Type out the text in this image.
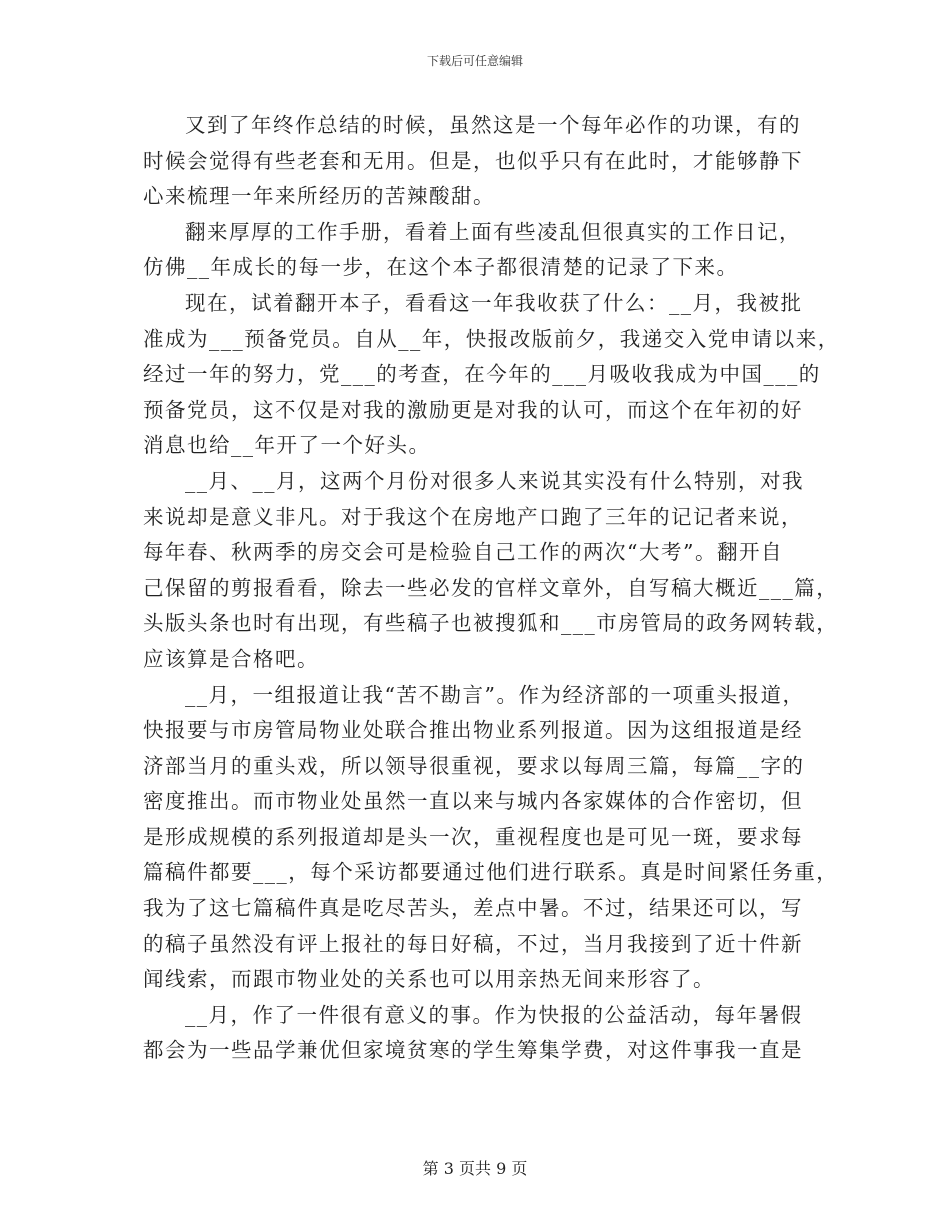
下载后可任意编辑
又到了年终作总结的时候，虽然这是一个每年必作的功课，有的
时候会觉得有些老套和无用。但是，也似乎只有在此时，才能够静下
心来梳理一年来所经历的苦辣酸甜。
翻来厚厚的工作手册，看着上面有些凌乱但很真实的工作日记，
仿佛__年成长的每一步，在这个本子都很清楚的记录了下来。
现在，试着翻开本子，看看这一年我收获了什么：__月，我被批
准成为___预备党员。自从__年，快报改版前夕，我递交入党申请以来，
经过一年的努力，党___的考查，在今年的___月吸收我成为中国___的
预备党员，这不仅是对我的激励更是对我的认可，而这个在年初的好
消息也给__年开了一个好头。
__月、__月，这两个月份对很多人来说其实没有什么特别，对我
来说却是意义非凡。对于我这个在房地产口跑了三年的记记者来说，
每年春、秋两季的房交会可是检验自己工作的两次“大考”。翻开自
己保留的剪报看看，除去一些必发的官样文章外，自写稿大概近___篇，
头版头条也时有出现，有些稿子也被搜狐和___市房管局的政务网转载，
应该算是合格吧。
__月，一组报道让我“苦不勘言”。作为经济部的一项重头报道，
快报要与市房管局物业处联合推出物业系列报道。因为这组报道是经
济部当月的重头戏，所以领导很重视，要求以每周三篇，每篇__字的
密度推出。而市物业处虽然一直以来与城内各家媒体的合作密切，但
是形成规模的系列报道却是头一次，重视程度也是可见一斑，要求每
篇稿件都要___，每个采访都要通过他们进行联系。真是时间紧任务重，
我为了这七篇稿件真是吃尽苦头，差点中暑。不过，结果还可以，写
的稿子虽然没有评上报社的每日好稿，不过，当月我接到了近十件新
闻线索，而跟市物业处的关系也可以用亲热无间来形容了。
__月，作了一件很有意义的事。作为快报的公益活动，每年暑假
都会为一些品学兼优但家境贫寒的学生筹集学费，对这件事我一直是
第 3 页共 9 页
